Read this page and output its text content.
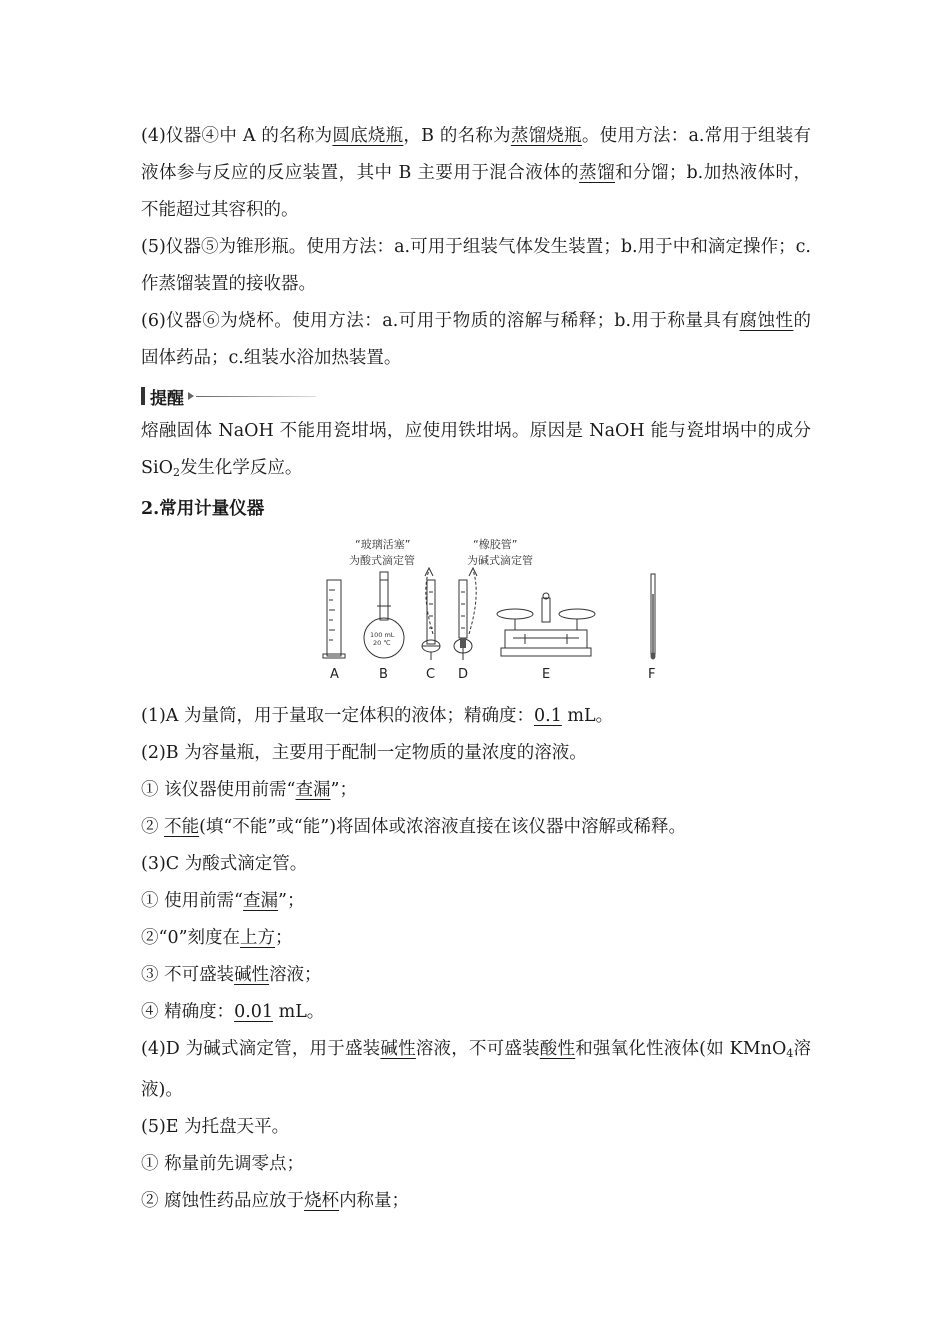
(4)仪器④中 A 的名称为圆底烧瓶，B 的名称为蒸馏烧瓶。使用方法：a.常用于组装有液体参与反应的反应装置，其中 B 主要用于混合液体的蒸馏和分馏；b.加热液体时，不能超过其容积的。
(5)仪器⑤为锥形瓶。使用方法：a.可用于组装气体发生装置；b.用于中和滴定操作；c.作蒸馏装置的接收器。
(6)仪器⑥为烧杯。使用方法：a.可用于物质的溶解与稀释；b.用于称量具有腐蚀性的固体药品；c.组装水浴加热装置。
提醒
熔融固体 NaOH 不能用瓷坩埚，应使用铁坩埚。原因是 NaOH 能与瓷坩埚中的成分 SiO$_2$发生化学反应。
2.常用计量仪器
“玻璃活塞”
为酸式滴定管
“橡胶管”
为碱式滴定管
100 mL
20 ℃
A	B	C D	E	F
(1)A 为量筒，用于量取一定体积的液体；精确度：0.1 mL。
(2)B 为容量瓶，主要用于配制一定物质的量浓度的溶液。
① 该仪器使用前需“查漏”；
② 不能(填“不能”或“能”)将固体或浓溶液直接在该仪器中溶解或稀释。
(3)C 为酸式滴定管。
① 使用前需“查漏”；
②“0”刻度在上方；
③ 不可盛装碱性溶液；
④ 精确度：0.01 mL。
(4)D 为碱式滴定管，用于盛装碱性溶液，不可盛装酸性和强氧化性液体(如 KMnO$_4$溶液)。
(5)E 为托盘天平。
① 称量前先调零点；
② 腐蚀性药品应放于烧杯内称量；
